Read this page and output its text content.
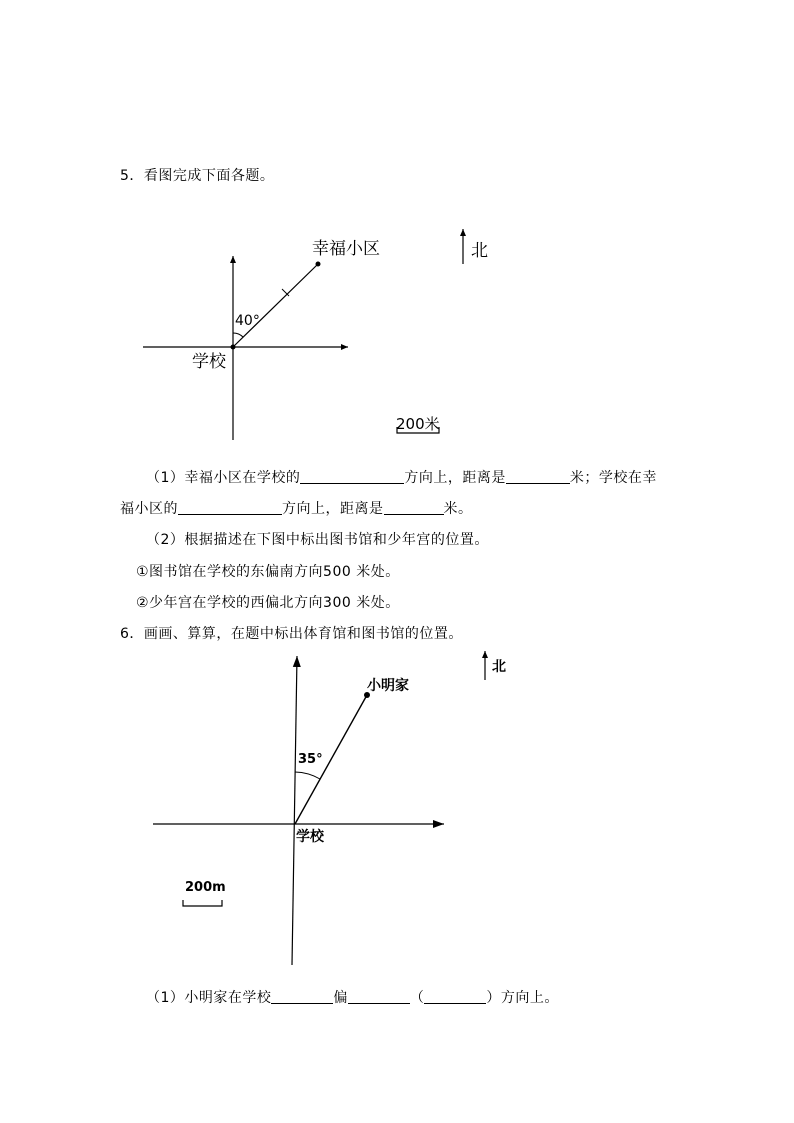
5．看图完成下面各题。
幸福小区
学校
40°
北
200米
（1）幸福小区在学校的	方向上，距离是	米；学校在幸
福小区的	方向上，距离是	米。
（2）根据描述在下图中标出图书馆和少年宫的位置。
①图书馆在学校的东偏南方向500 米处。
②少年宫在学校的西偏北方向300 米处。
6．画画、算算，在题中标出体育馆和图书馆的位置。
小明家
学校
35°
北
200m
（1）小明家在学校	偏	（	）方向上。
